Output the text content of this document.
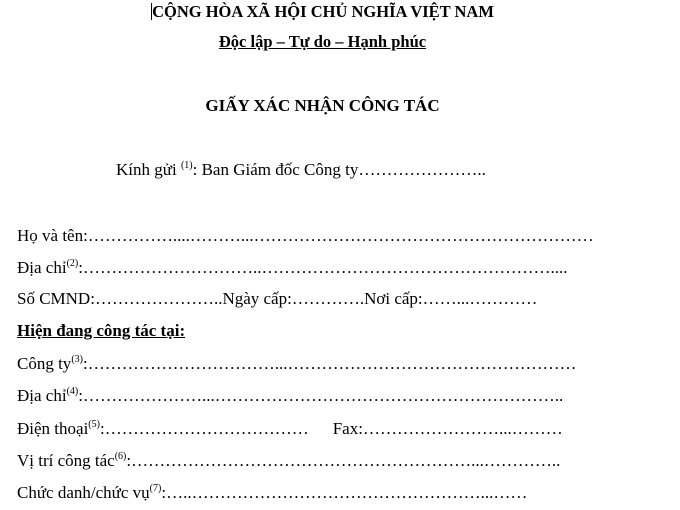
CỘNG HÒA XÃ HỘI CHỦ NGHĨA VIỆT NAM
Độc lập – Tự do – Hạnh phúc
GIẤY XÁC NHẬN CÔNG TÁC
Kính gửi
(1) : Ban Giám đốc Công ty …………………..
Họ và tên: ……………....………...……………………………………………………
Địa chỉ (2) : …………………………..……………………………………………....
Số CMND: ………………….. Ngày cấp: …………. Nơi cấp: ……...…………
Hiện đang công tác tại:
Công ty (3) : ……………………………...……………………………………………
Địa chỉ (4) : …………………...……………………………………………………..
Điện thoại (5) : ………………………………	Fax: ……………………...………
Vị trí công tác (6) : ……………………………………………………...…………..
Chức danh/chức vụ (7) : …..……………………………………………...……
